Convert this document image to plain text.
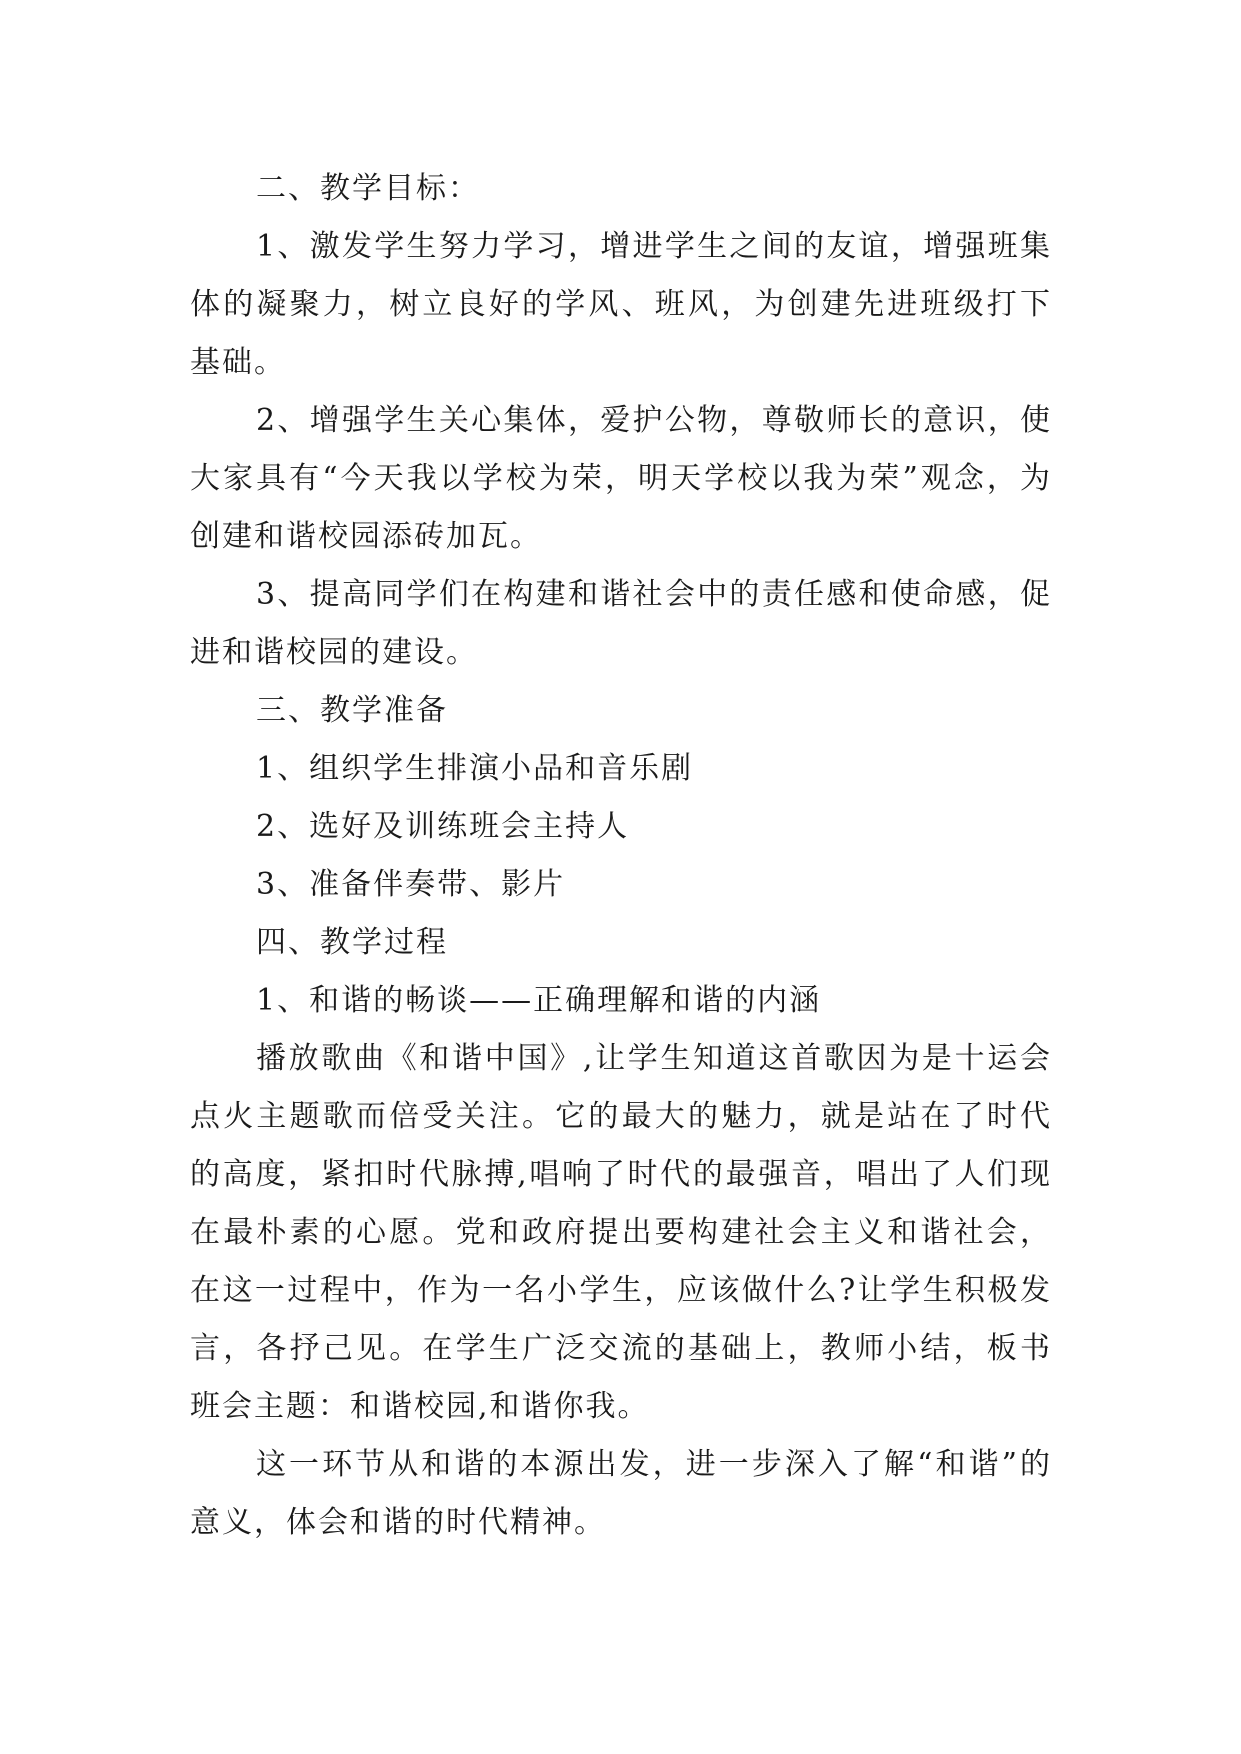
二、教学目标：

1、激发学生努力学习，增进学生之间的友谊，增强班集体的凝聚力，树立良好的学风、班风，为创建先进班级打下基础。

2、增强学生关心集体，爱护公物，尊敬师长的意识，使大家具有“今天我以学校为荣，明天学校以我为荣”观念，为创建和谐校园添砖加瓦。

3、提高同学们在构建和谐社会中的责任感和使命感，促进和谐校园的建设。

三、教学准备

1、组织学生排演小品和音乐剧

2、选好及训练班会主持人

3、准备伴奏带、影片

四、教学过程

1、和谐的畅谈——正确理解和谐的内涵

播放歌曲《和谐中国》,让学生知道这首歌因为是十运会点火主题歌而倍受关注。它的最大的魅力，就是站在了时代的高度，紧扣时代脉搏,唱响了时代的最强音，唱出了人们现在最朴素的心愿。党和政府提出要构建社会主义和谐社会，在这一过程中，作为一名小学生，应该做什么?让学生积极发言，各抒己见。在学生广泛交流的基础上，教师小结，板书班会主题：和谐校园,和谐你我。

这一环节从和谐的本源出发，进一步深入了解“和谐”的意义，体会和谐的时代精神。
